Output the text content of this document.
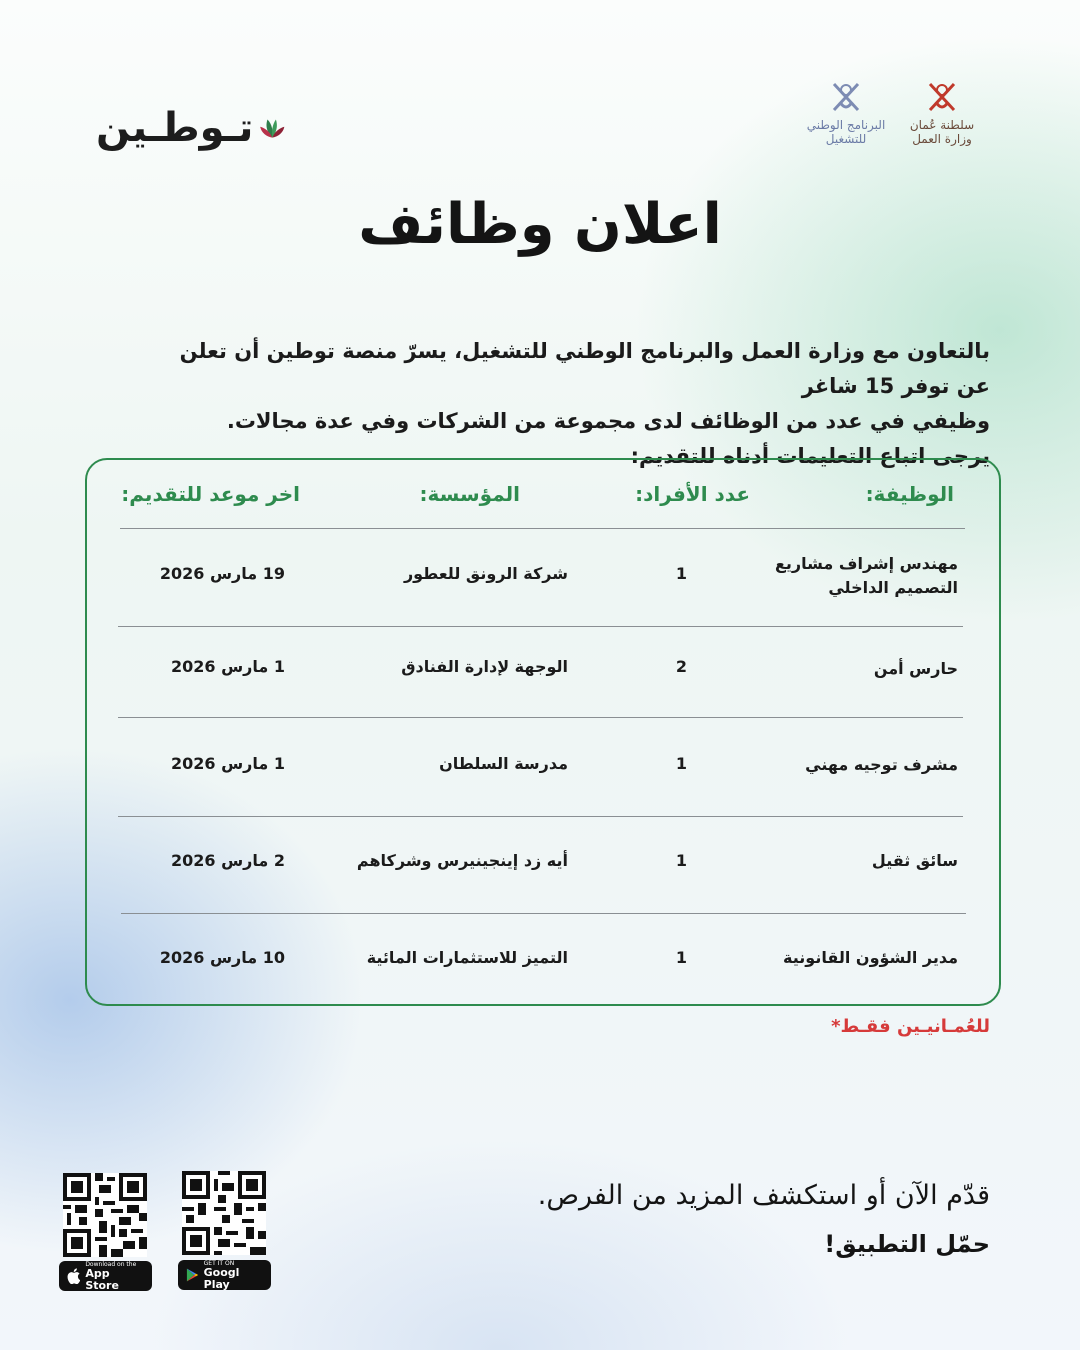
تـوطـين	البرنامج الوطني للتشغيل
سلطنة عُمان وزارة العمل
اعلان وظائف

بالتعاون مع وزارة العمل والبرنامج الوطني للتشغيل، يسرّ منصة توطين أن تعلن عن توفر 15 شاغر

وظيفي في عدد من الوظائف لدى مجموعة من الشركات وفي عدة مجالات.

يرجى اتباع التعليمات أدناه للتقديم:

الوظيفة:
عدد الأفراد:
المؤسسة:
اخر موعد للتقديم:
مهندس إشراف مشاريع التصميم الداخلي
1
شركة الرونق للعطور
19 مارس 2026
حارس أمن
2
الوجهة لإدارة الفنادق
1 مارس 2026
مشرف توجيه مهني
1
مدرسة السلطان
1 مارس 2026
سائق ثقيل
1
أيه زد إينجينيرس وشركاهم
2 مارس 2026
مدير الشؤون القانونية
1
التميز للاستثمارات المائية
10 مارس 2026
للعُمـانيـين فقـط*
قدّم الآن أو استكشف المزيد من الفرص.
حمّل التطبيق!
Download on the
App Store
GET IT ON
Googl Play
